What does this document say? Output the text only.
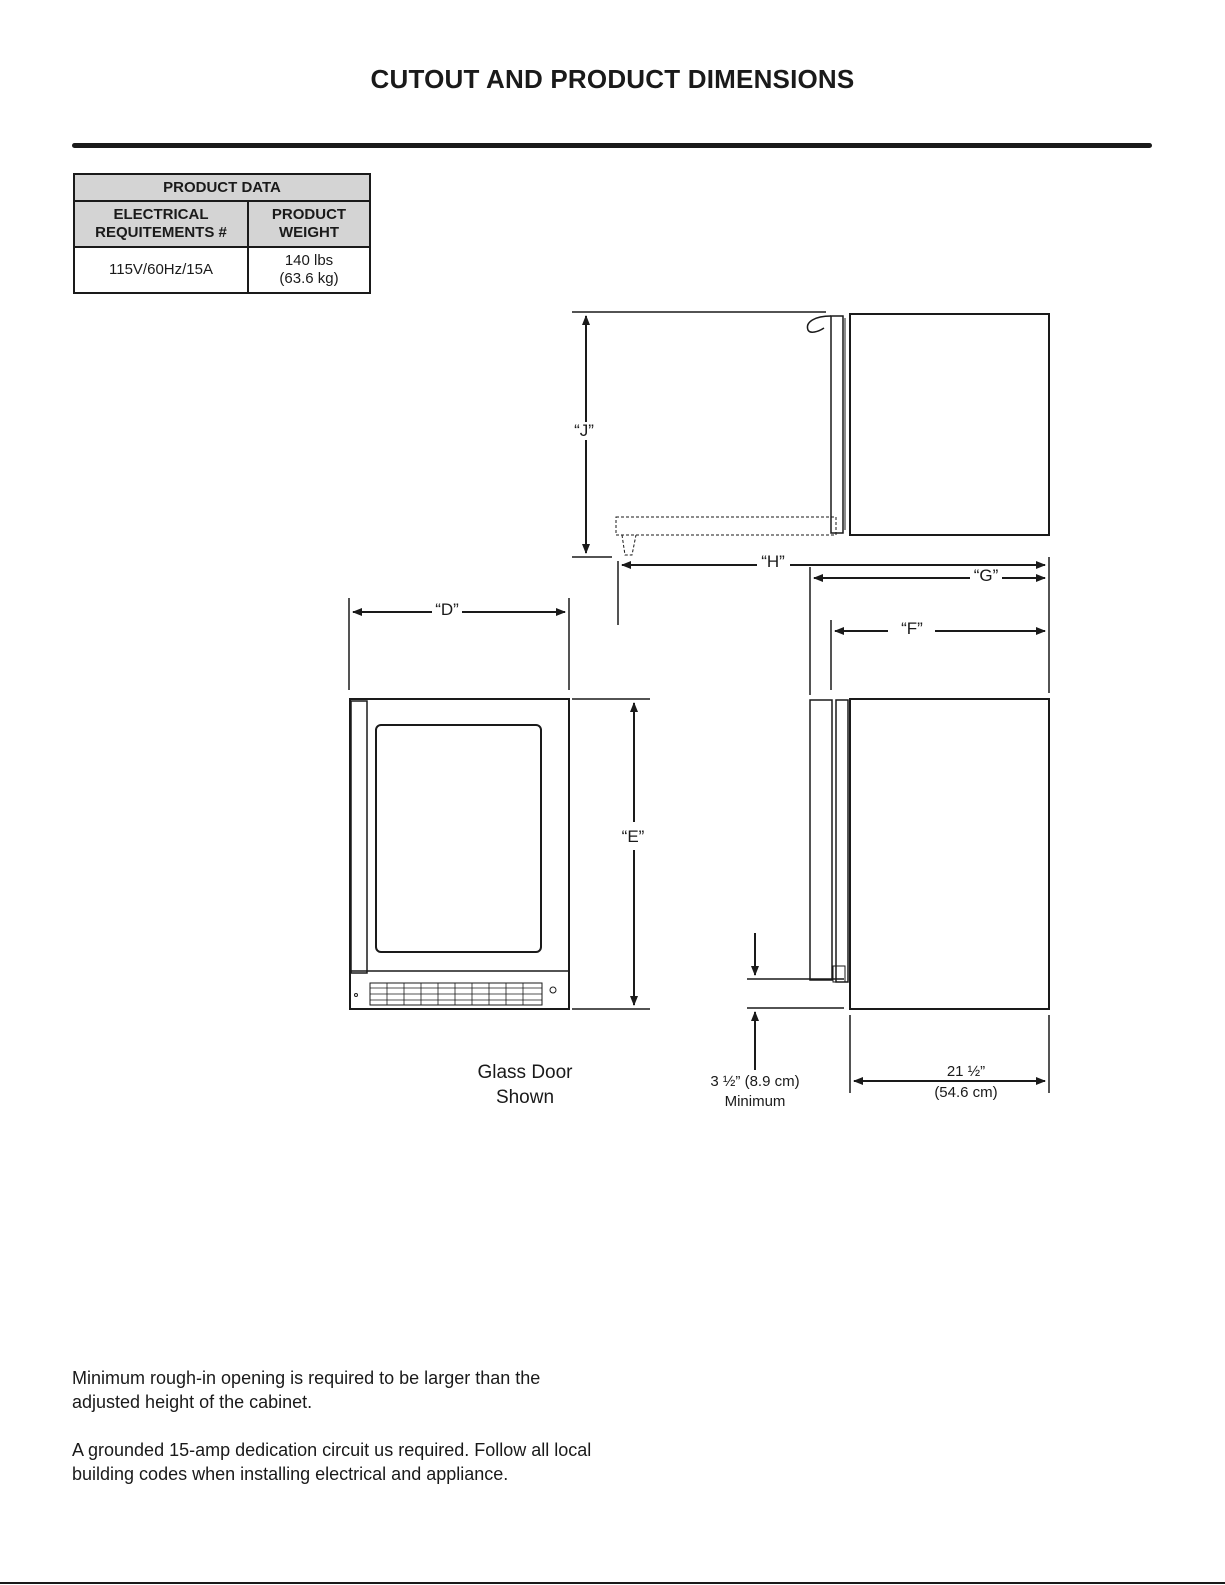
CUTOUT AND PRODUCT DIMENSIONS
PRODUCT DATA	
ELECTRICAL REQUITEMENTS #	PRODUCT WEIGHT
115V/60Hz/15A	140 lbs
(63.6 kg)
“J”
“H”
“G”
“F”
“D”
“E”
21 ½”
(54.6 cm)
Glass Door
Shown
3 ½” (8.9 cm)
Minimum
Minimum rough-in opening is required to be larger than the adjusted height of the cabinet.
A grounded 15-amp dedication circuit us required. Follow all local building codes when installing electrical and appliance.
